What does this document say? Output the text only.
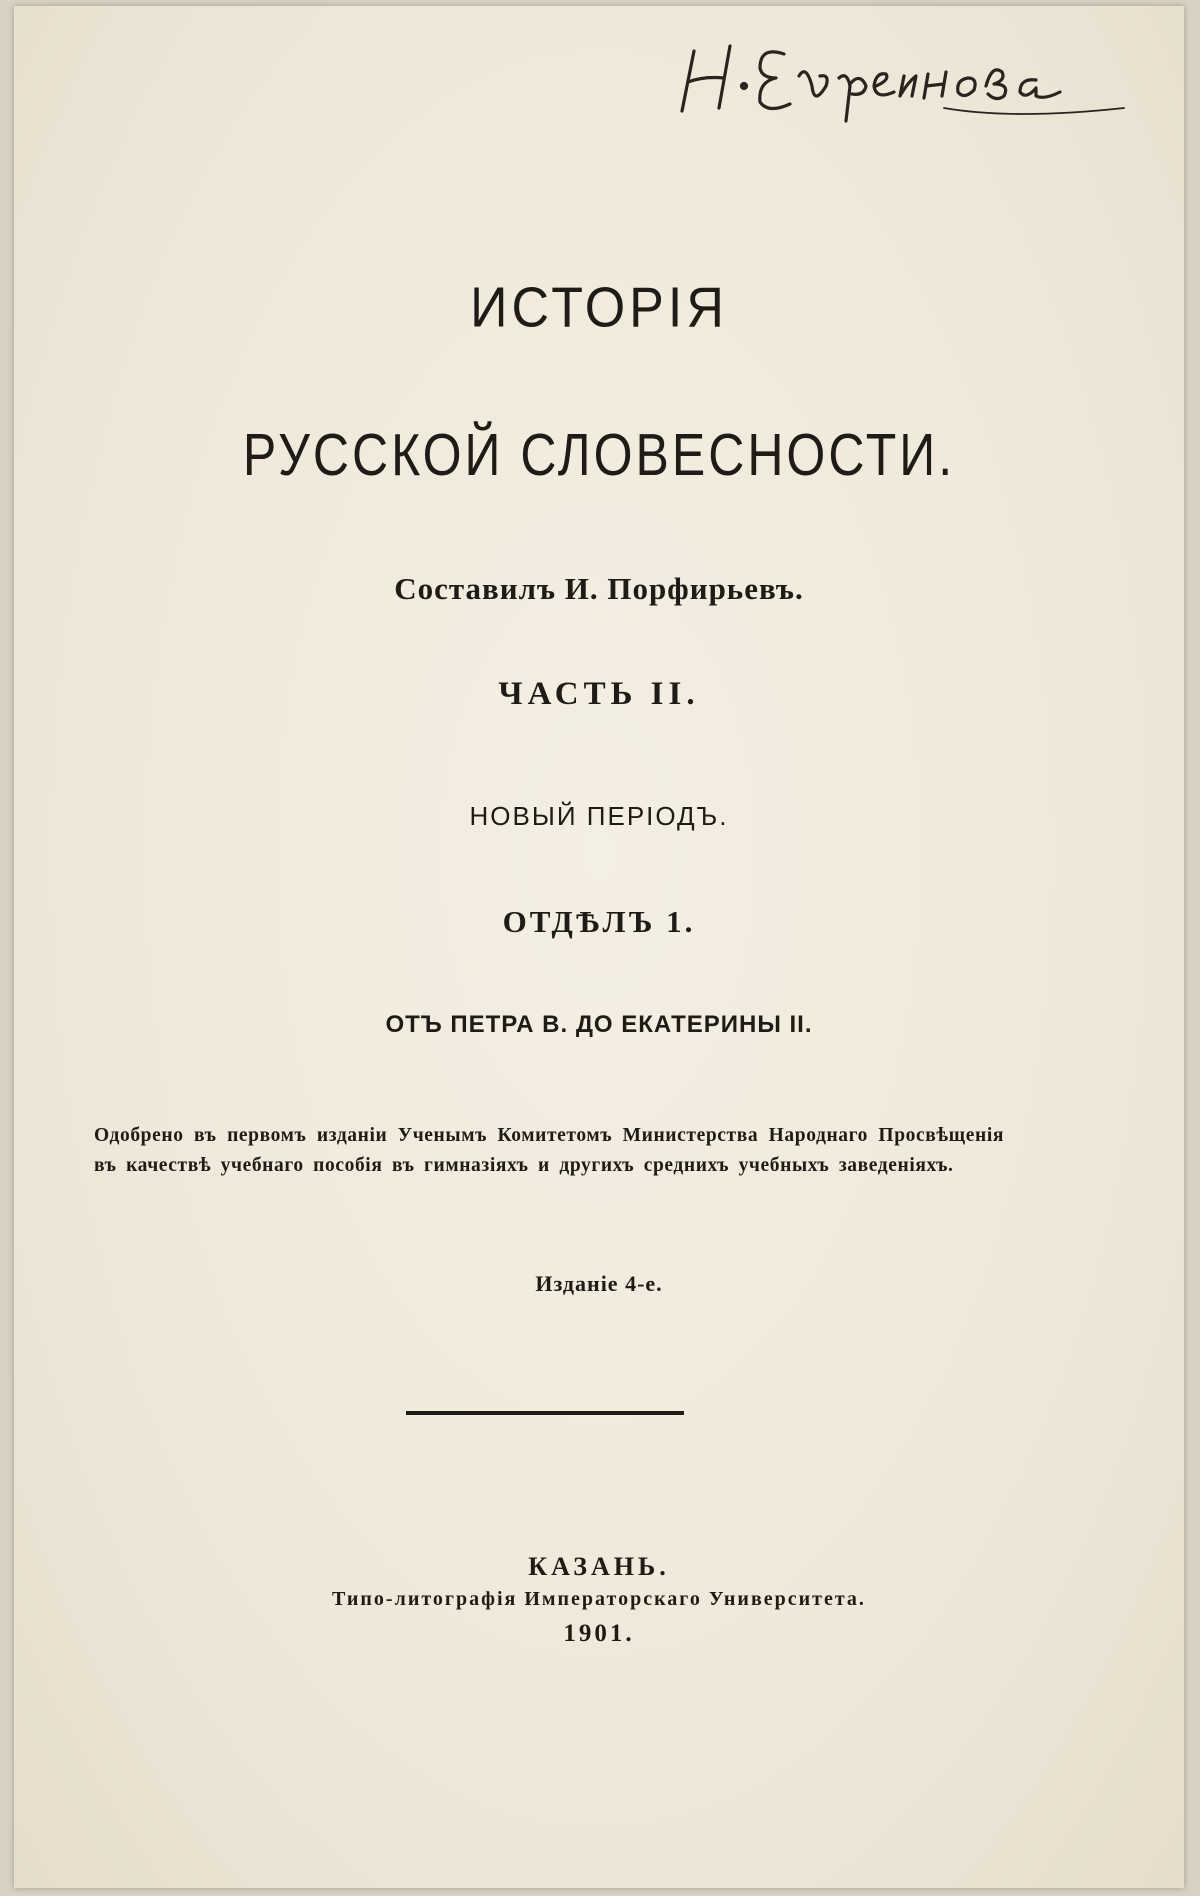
ИСТОРІЯ
РУССКОЙ СЛОВЕСНОСТИ.
Составилъ И. Порфирьевъ.
ЧАСТЬ II.
НОВЫЙ ПЕРІОДЪ.
ОТДѢЛЪ 1.
ОТЪ ПЕТРА В. ДО ЕКАТЕРИНЫ II.
Одобрено въ первомъ изданіи Ученымъ Комитетомъ Министерства Народнаго Просвѣщенія въ качествѣ учебнаго пособія въ гимназіяхъ и другихъ среднихъ учебныхъ заведеніяхъ.
Изданіе 4-е.
КАЗАНЬ.
Типо-литографія Императорскаго Университета.
1901.
